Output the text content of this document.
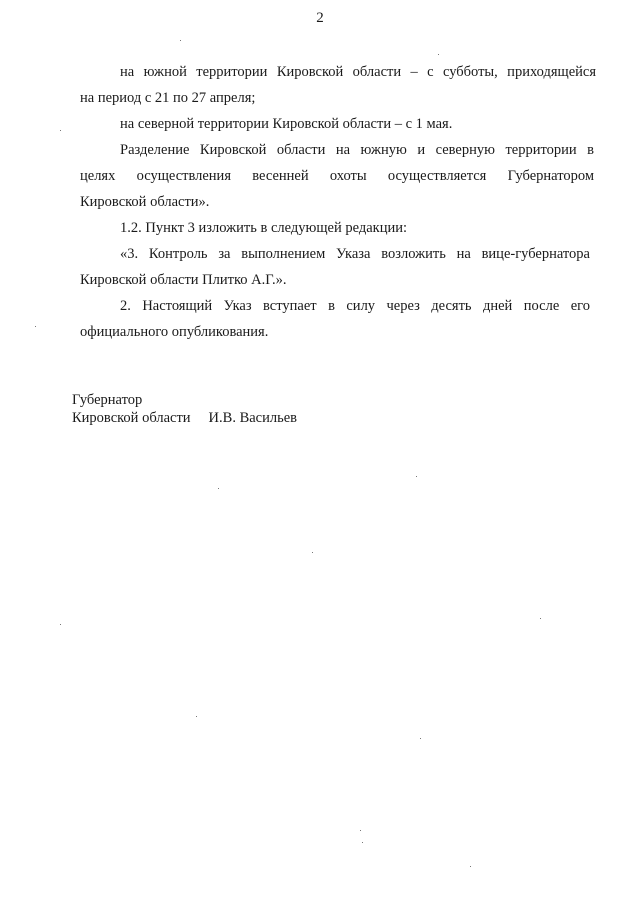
2
на южной территории Кировской области – с субботы, приходящейся
на период с 21 по 27 апреля;
на северной территории Кировской области – с 1 мая.
Разделение Кировской области на южную и северную территории в
целях осуществления весенней охоты осуществляется Губернатором
Кировской области».
1.2. Пункт 3 изложить в следующей редакции:
«3. Контроль за выполнением Указа возложить на вице-губернатора
Кировской области Плитко А.Г.».
2. Настоящий Указ вступает в силу через десять дней после его
официального опубликования.
Губернатор
Кировской области И.В. Васильев
